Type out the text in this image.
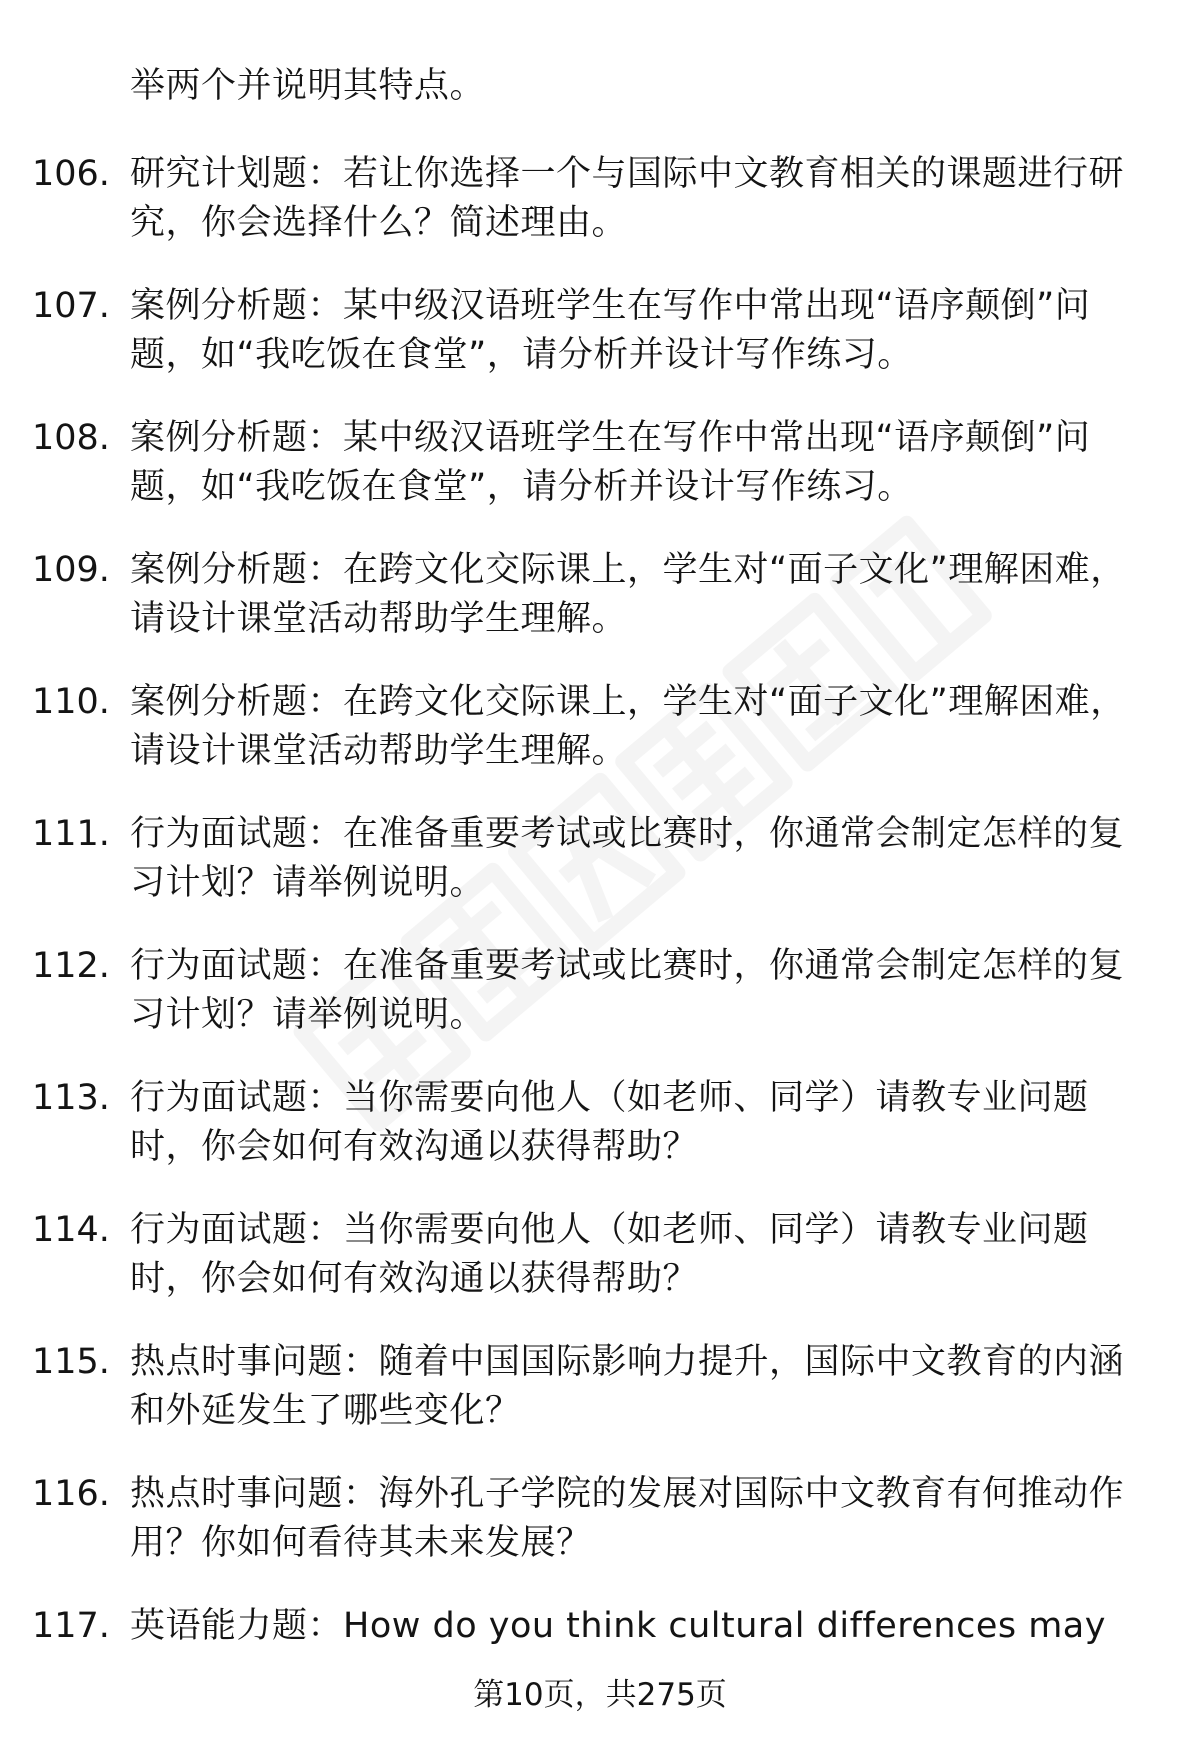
举两个并说明其特点。
106. 研究计划题：若让你选择一个与国际中文教育相关的课题进行研究，你会选择什么？简述理由。
107. 案例分析题：某中级汉语班学生在写作中常出现“语序颠倒”问题，如“我吃饭在食堂”，请分析并设计写作练习。
108. 案例分析题：某中级汉语班学生在写作中常出现“语序颠倒”问题，如“我吃饭在食堂”，请分析并设计写作练习。
109. 案例分析题：在跨文化交际课上，学生对“面子文化”理解困难，请设计课堂活动帮助学生理解。
110. 案例分析题：在跨文化交际课上，学生对“面子文化”理解困难，请设计课堂活动帮助学生理解。
111. 行为面试题：在准备重要考试或比赛时，你通常会制定怎样的复习计划？请举例说明。
112. 行为面试题：在准备重要考试或比赛时，你通常会制定怎样的复习计划？请举例说明。
113. 行为面试题：当你需要向他人（如老师、同学）请教专业问题时，你会如何有效沟通以获得帮助？
114. 行为面试题：当你需要向他人（如老师、同学）请教专业问题时，你会如何有效沟通以获得帮助？
115. 热点时事问题：随着中国国际影响力提升，国际中文教育的内涵和外延发生了哪些变化？
116. 热点时事问题：海外孔子学院的发展对国际中文教育有何推动作用？你如何看待其未来发展？
117. 英语能力题：How do you think cultural differences may
第10页，共275页
